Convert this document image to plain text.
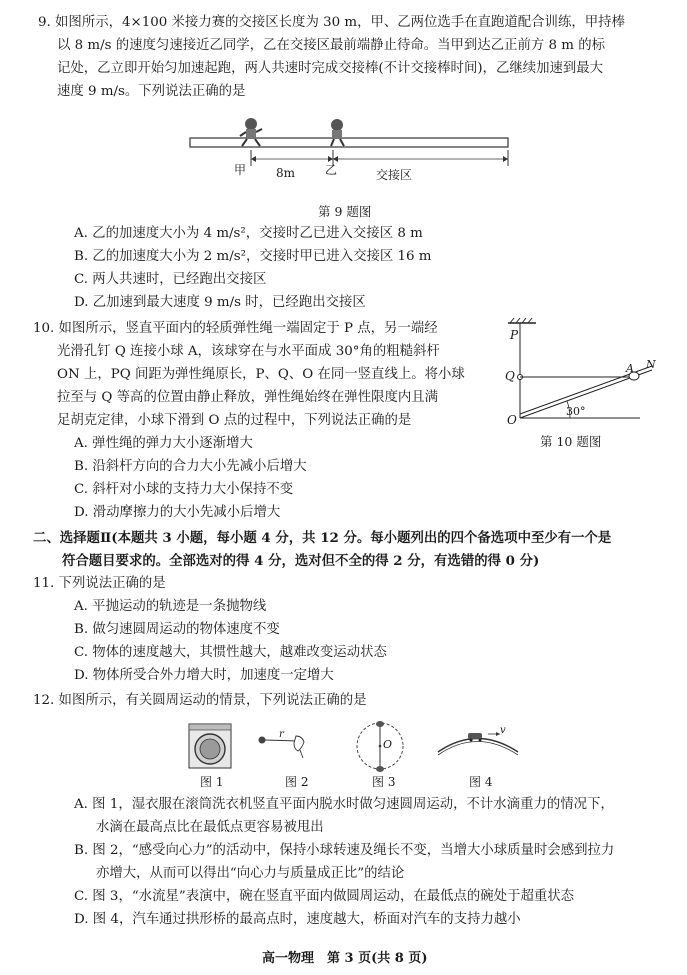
9. 如图所示，4×100 米接力赛的交接区长度为 30 m，甲、乙两位选手在直跑道配合训练，甲持棒
以 8 m/s 的速度匀速接近乙同学，乙在交接区最前端静止待命。当甲到达乙正前方 8 m 的标
记处，乙立即开始匀加速起跑，两人共速时完成交接棒(不计交接棒时间)，乙继续加速到最大
速度 9 m/s。下列说法正确的是
甲	乙
8m	交接区
第 9 题图
A. 乙的加速度大小为 4 m/s²，交接时乙已进入交接区 8 m
B. 乙的加速度大小为 2 m/s²，交接时甲已进入交接区 16 m
C. 两人共速时，已经跑出交接区
D. 乙加速到最大速度 9 m/s 时，已经跑出交接区
10. 如图所示，竖直平面内的轻质弹性绳一端固定于 P 点，另一端经
光滑孔钉 Q 连接小球 A，该球穿在与水平面成 30°角的粗糙斜杆
ON 上，PQ 间距为弹性绳原长，P、Q、O 在同一竖直线上。将小球
拉至与 Q 等高的位置由静止释放，弹性绳始终在弹性限度内且满
足胡克定律，小球下滑到 O 点的过程中，下列说法正确的是
P
Q
O
A N
30°
第 10 题图
A. 弹性绳的弹力大小逐渐增大
B. 沿斜杆方向的合力大小先减小后增大
C. 斜杆对小球的支持力大小保持不变
D. 滑动摩擦力的大小先减小后增大
二、选择题Ⅱ(本题共 3 小题，每小题 4 分，共 12 分。每小题列出的四个备选项中至少有一个是
符合题目要求的。全部选对的得 4 分，选对但不全的得 2 分，有选错的得 0 分)
11. 下列说法正确的是
A. 平抛运动的轨迹是一条抛物线
B. 做匀速圆周运动的物体速度不变
C. 物体的速度越大，其惯性越大，越难改变运动状态
D. 物体所受合外力增大时，加速度一定增大
12. 如图所示，有关圆周运动的情景，下列说法正确的是
r
O
v
图 1	图 2	图 3	图 4
A. 图 1，湿衣服在滚筒洗衣机竖直平面内脱水时做匀速圆周运动，不计水滴重力的情况下，
水滴在最高点比在最低点更容易被甩出
B. 图 2，“感受向心力”的活动中，保持小球转速及绳长不变，当增大小球质量时会感到拉力
亦增大，从而可以得出“向心力与质量成正比”的结论
C. 图 3，“水流星”表演中，碗在竖直平面内做圆周运动，在最低点的碗处于超重状态
D. 图 4，汽车通过拱形桥的最高点时，速度越大，桥面对汽车的支持力越小
高一物理　第 3 页(共 8 页)
